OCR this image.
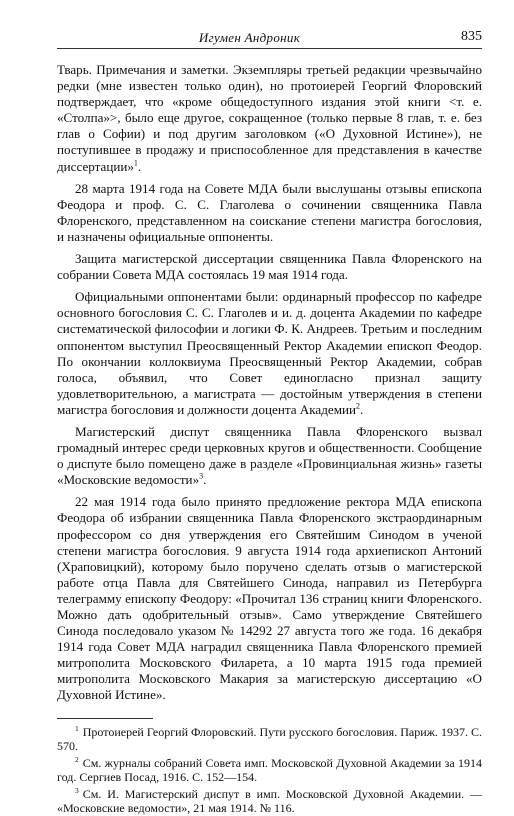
Игумен Андроник	835

Тварь. Примечания и заметки. Экземпляры третьей редакции чрезвычайно редки (мне известен только один), но протоиерей Георгий Флоровский подтверждает, что «кроме общедоступного издания этой книги <т. е. «Столпа»>, было еще другое, сокращенное (только первые 8 глав, т. е. без глав о Софии) и под другим заголовком («О Духовной Истине»), не поступившее в продажу и приспособленное для представления в качестве диссертации»$^1$.

28 марта 1914 года на Совете МДА были выслушаны отзывы епископа Феодора и проф. С. С. Глаголева о сочинении священника Павла Флоренского, представленном на соискание степени магистра богословия, и назначены официальные оппоненты.

Защита магистерской диссертации священника Павла Флоренского на собрании Совета МДА состоялась 19 мая 1914 года.

Официальными оппонентами были: ординарный профессор по кафедре основного богословия С. С. Глаголев и и. д. доцента Академии по кафедре систематической философии и логики Ф. К. Андреев. Третьим и последним оппонентом выступил Преосвященный Ректор Академии епископ Феодор. По окончании коллоквиума Преосвященный Ректор Академии, собрав голоса, объявил, что Совет единогласно признал защиту удовлетворительною, а магистрата — достойным утверждения в степени магистра богословия и должности доцента Академии$^2$.

Магистерский диспут священника Павла Флоренского вызвал громадный интерес среди церковных кругов и общественности. Сообщение о диспуте было помещено даже в разделе «Провинциальная жизнь» газеты «Московские ведомости»$^3$.

22 мая 1914 года было принято предложение ректора МДА епископа Феодора об избрании священника Павла Флоренского экстраординарным профессором со дня утверждения его Святейшим Синодом в ученой степени магистра богословия. 9 августа 1914 года архиепископ Антоний (Храповицкий), которому было поручено сделать отзыв о магистерской работе отца Павла для Святейшего Синода, направил из Петербурга телеграмму епископу Феодору: «Прочитал 136 страниц книги Флоренского. Можно дать одобрительный отзыв». Само утверждение Святейшего Синода последовало указом № 14292 27 августа того же года. 16 декабря 1914 года Совет МДА наградил священника Павла Флоренского премией митрополита Московского Филарета, а 10 марта 1915 года премией митрополита Московского Макария за магистерскую диссертацию «О Духовной Истине».

$^1$ Протоиерей Георгий Флоровский. Пути русского богословия. Париж. 1937. С. 570.

$^2$ См. журналы собраний Совета имп. Московской Духовной Академии за 1914 год. Сергиев Посад, 1916. С. 152—154.

$^3$ См. И. Магистерский диспут в имп. Московской Духовной Академии. — «Московские ведомости», 21 мая 1914. № 116.
